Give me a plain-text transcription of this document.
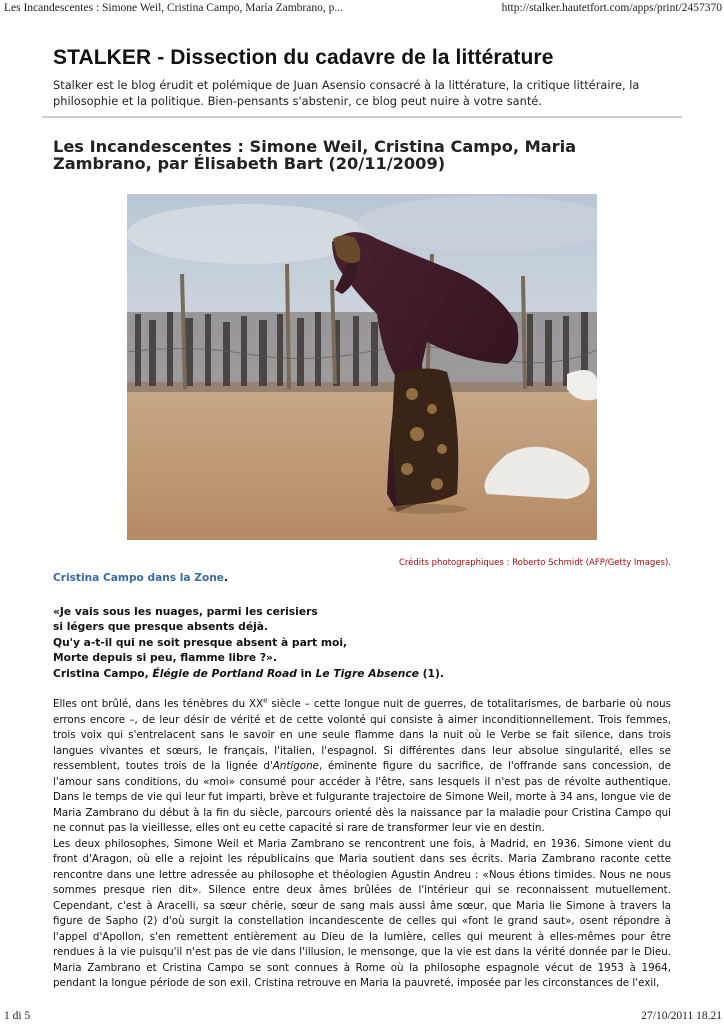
Les Incandescentes : Simone Weil, Cristina Campo, María Zambrano, p...	http://stalker.hautetfort.com/apps/print/2457370
STALKER - Dissection du cadavre de la littérature
Stalker est le blog érudit et polémique de Juan Asensio consacré à la littérature, la critique littéraire, la philosophie et la politique. Bien-pensants s'abstenir, ce blog peut nuire à votre santé.
Les Incandescentes : Simone Weil, Cristina Campo, Maria Zambrano, par Élisabeth Bart (20/11/2009)
Crédits photographiques : Roberto Schmidt (AFP/Getty Images).
Cristina Campo dans la Zone.
«Je vais sous les nuages, parmi les cerisiers
si légers que presque absents déjà.
Qu'y a-t-il qui ne soit presque absent à part moi,
Morte depuis si peu, flamme libre ?».
Cristina Campo, Élégie de Portland Road in Le Tigre Absence (1).

Elles ont brûlé, dans les ténèbres du XXe siècle – cette longue nuit de guerres, de totalitarismes, de barbarie où nous errons encore –, de leur désir de vérité et de cette volonté qui consiste à aimer inconditionnellement. Trois femmes, trois voix qui s'entrelacent sans le savoir en une seule flamme dans la nuit où le Verbe se fait silence, dans trois langues vivantes et sœurs, le français, l'italien, l'espagnol. Si différentes dans leur absolue singularité, elles se ressemblent, toutes trois de la lignée d'Antigone, éminente figure du sacrifice, de l'offrande sans concession, de l'amour sans conditions, du «moi» consumé pour accéder à l'être, sans lesquels il n'est pas de révolte authentique. Dans le temps de vie qui leur fut imparti, brève et fulgurante trajectoire de Simone Weil, morte à 34 ans, longue vie de Maria Zambrano du début à la fin du siècle, parcours orienté dès la naissance par la maladie pour Cristina Campo qui ne connut pas la vieillesse, elles ont eu cette capacité si rare de transformer leur vie en destin.

Les deux philosophes, Simone Weil et Maria Zambrano se rencontrent une fois, à Madrid, en 1936. Simone vient du front d'Aragon, où elle a rejoint les républicains que Maria soutient dans ses écrits. Maria Zambrano raconte cette rencontre dans une lettre adressée au philosophe et théologien Agustin Andreu : «Nous étions timides. Nous ne nous sommes presque rien dit». Silence entre deux âmes brûlées de l'intérieur qui se reconnaissent mutuellement. Cependant, c'est à Aracelli, sa sœur chérie, sœur de sang mais aussi âme sœur, que Maria lie Simone à travers la figure de Sapho (2) d'où surgit la constellation incandescente de celles qui «font le grand saut», osent répondre à l'appel d'Apollon, s'en remettent entièrement au Dieu de la lumière, celles qui meurent à elles-mêmes pour être rendues à la vie puisqu'il n'est pas de vie dans l'illusion, le mensonge, que la vie est dans la vérité donnée par le Dieu. Maria Zambrano et Cristina Campo se sont connues à Rome où la philosophe espagnole vécut de 1953 à 1964, pendant la longue période de son exil. Cristina retrouve en Maria la pauvreté, imposée par les circonstances de l'exil,

1 di 5	27/10/2011 18.21
